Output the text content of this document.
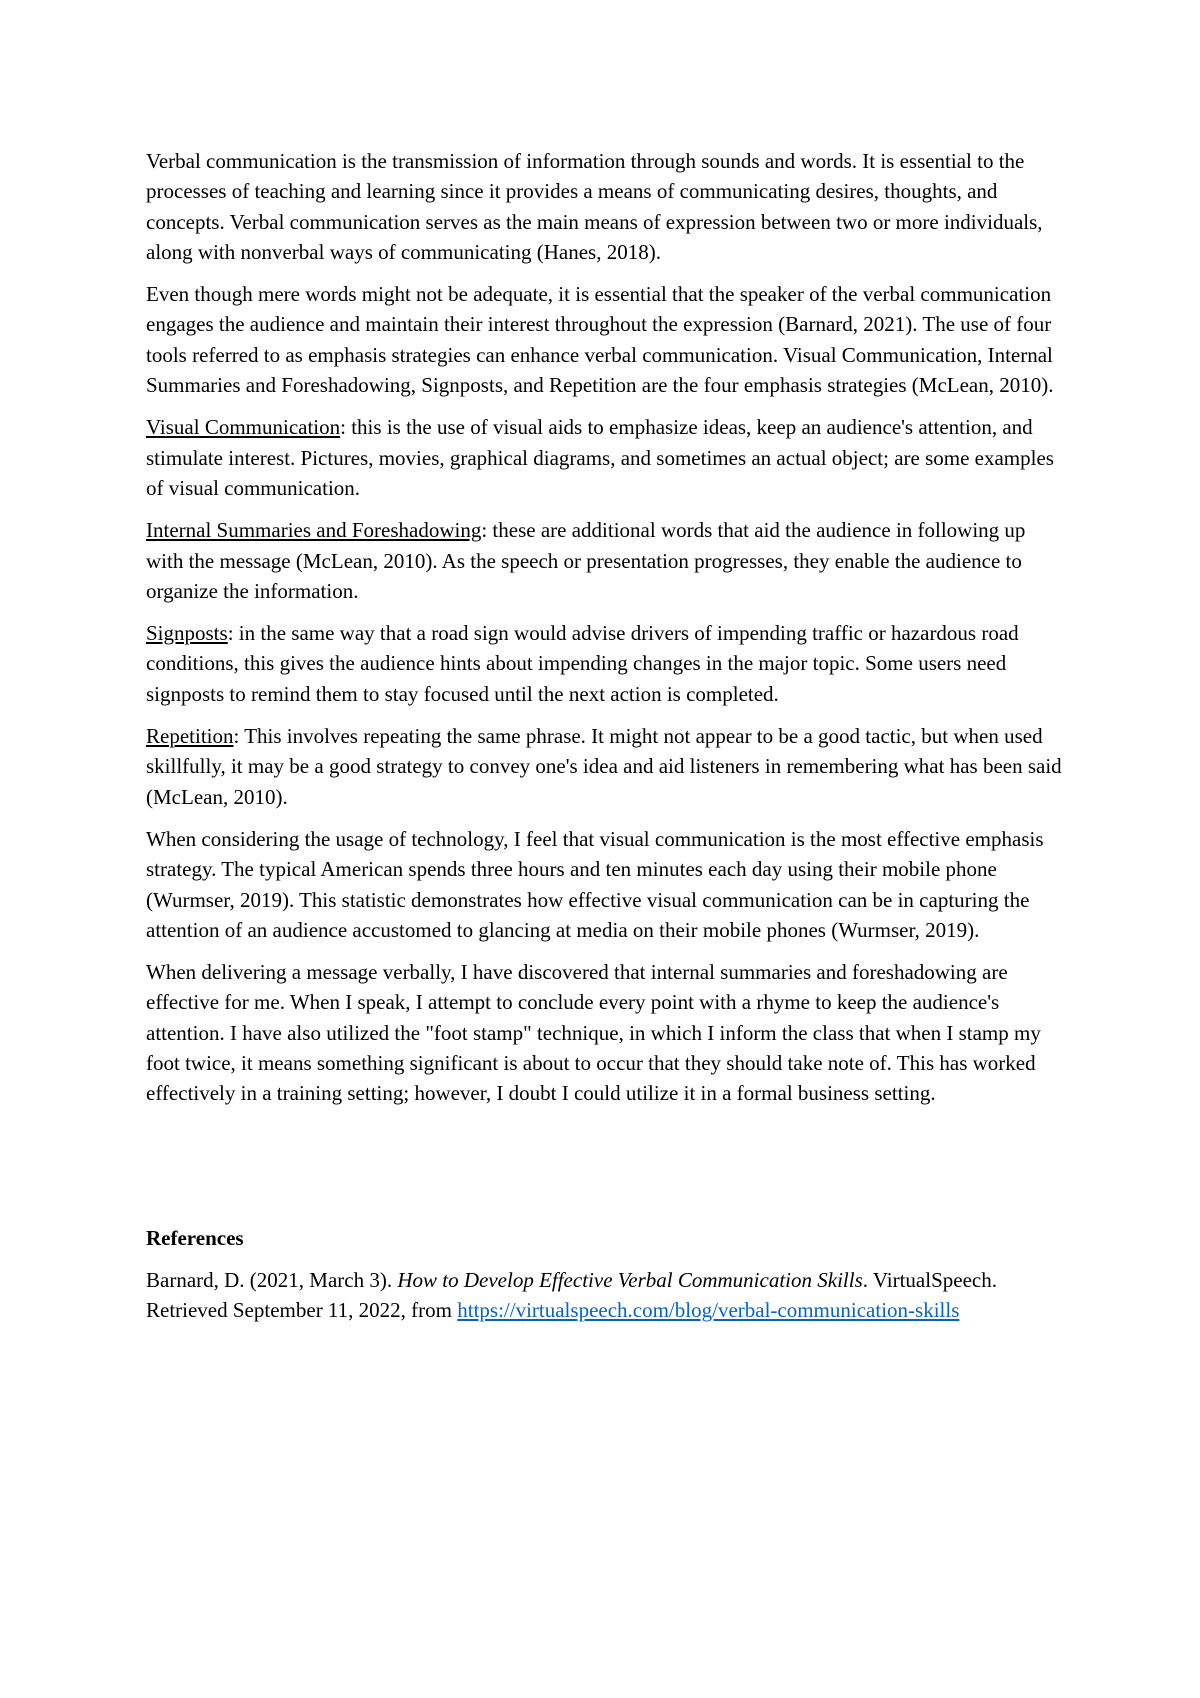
Verbal communication is the transmission of information through sounds and words. It is essential to the processes of teaching and learning since it provides a means of communicating desires, thoughts, and concepts. Verbal communication serves as the main means of expression between two or more individuals, along with nonverbal ways of communicating (Hanes, 2018).

Even though mere words might not be adequate, it is essential that the speaker of the verbal communication engages the audience and maintain their interest throughout the expression (Barnard, 2021). The use of four tools referred to as emphasis strategies can enhance verbal communication. Visual Communication, Internal Summaries and Foreshadowing, Signposts, and Repetition are the four emphasis strategies (McLean, 2010).

Visual Communication: this is the use of visual aids to emphasize ideas, keep an audience's attention, and stimulate interest. Pictures, movies, graphical diagrams, and sometimes an actual object; are some examples of visual communication.

Internal Summaries and Foreshadowing: these are additional words that aid the audience in following up with the message (McLean, 2010). As the speech or presentation progresses, they enable the audience to organize the information.

Signposts: in the same way that a road sign would advise drivers of impending traffic or hazardous road conditions, this gives the audience hints about impending changes in the major topic. Some users need signposts to remind them to stay focused until the next action is completed.

Repetition: This involves repeating the same phrase. It might not appear to be a good tactic, but when used skillfully, it may be a good strategy to convey one's idea and aid listeners in remembering what has been said (McLean, 2010).

When considering the usage of technology, I feel that visual communication is the most effective emphasis strategy. The typical American spends three hours and ten minutes each day using their mobile phone (Wurmser, 2019). This statistic demonstrates how effective visual communication can be in capturing the attention of an audience accustomed to glancing at media on their mobile phones (Wurmser, 2019).

When delivering a message verbally, I have discovered that internal summaries and foreshadowing are effective for me. When I speak, I attempt to conclude every point with a rhyme to keep the audience's attention. I have also utilized the "foot stamp" technique, in which I inform the class that when I stamp my foot twice, it means something significant is about to occur that they should take note of. This has worked effectively in a training setting; however, I doubt I could utilize it in a formal business setting.

References

Barnard, D. (2021, March 3). How to Develop Effective Verbal Communication Skills. VirtualSpeech. Retrieved September 11, 2022, from https://virtualspeech.com/blog/verbal-communication-skills
